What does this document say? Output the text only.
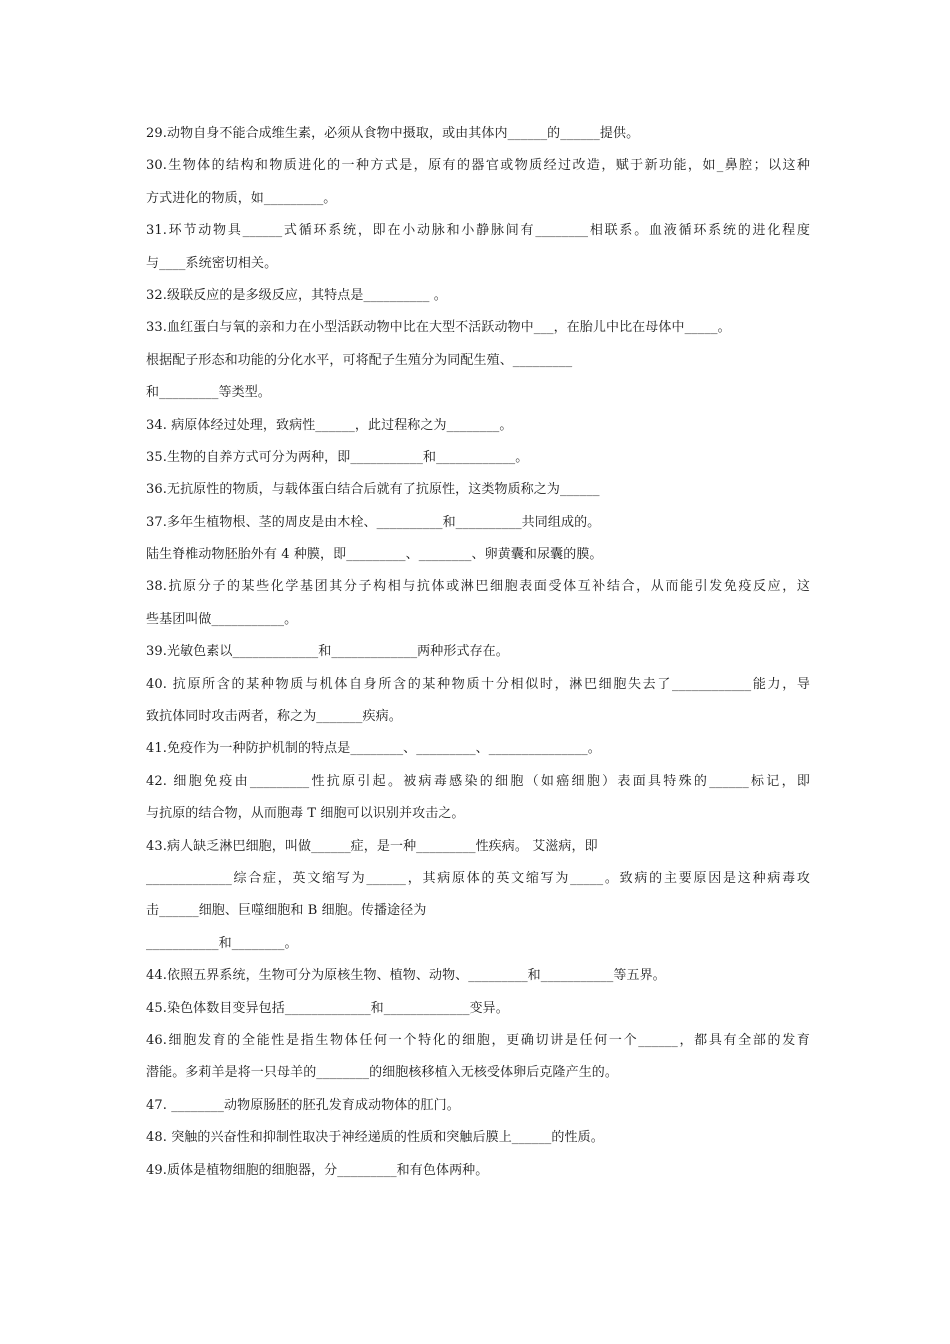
29.动物自身不能合成维生素，必须从食物中摄取，或由其体内______的______提供。
30.生物体的结构和物质进化的一种方式是，原有的器官或物质经过改造，赋于新功能，如_鼻腔；以这种
方式进化的物质，如_________。
31.环节动物具______式循环系统，即在小动脉和小静脉间有________相联系。血液循环系统的进化程度
与____系统密切相关。
32.级联反应的是多级反应，其特点是__________ 。
33.血红蛋白与氧的亲和力在小型活跃动物中比在大型不活跃动物中___，在胎儿中比在母体中_____。
根据配子形态和功能的分化水平，可将配子生殖分为同配生殖、_________
和_________等类型。
34. 病原体经过处理，致病性______，此过程称之为________。
35.生物的自养方式可分为两种，即___________和____________。
36.无抗原性的物质，与载体蛋白结合后就有了抗原性，这类物质称之为______
37.多年生植物根、茎的周皮是由木栓、__________和__________共同组成的。
陆生脊椎动物胚胎外有 4 种膜，即_________、________、卵黄囊和尿囊的膜。
38.抗原分子的某些化学基团其分子构相与抗体或淋巴细胞表面受体互补结合，从而能引发免疫反应，这
些基团叫做___________。
39.光敏色素以_____________和_____________两种形式存在。
40. 抗原所含的某种物质与机体自身所含的某种物质十分相似时，淋巴细胞失去了____________能力，导
致抗体同时攻击两者，称之为_______疾病。
41.免疫作为一种防护机制的特点是________、_________、_______________。
42. 细胞免疫由_________性抗原引起。被病毒感染的细胞（如癌细胞）表面具特殊的______标记，即
与抗原的结合物，从而胞毒 T 细胞可以识别并攻击之。
43.病人缺乏淋巴细胞，叫做______症，是一种_________性疾病。 艾滋病，即
_____________综合症，英文缩写为______，其病原体的英文缩写为_____。致病的主要原因是这种病毒攻
击______细胞、巨噬细胞和 B 细胞。传播途径为
___________和________。
44.依照五界系统，生物可分为原核生物、植物、动物、_________和___________等五界。
45.染色体数目变异包括_____________和_____________变异。
46.细胞发育的全能性是指生物体任何一个特化的细胞，更确切讲是任何一个______，都具有全部的发育
潜能。多莉羊是将一只母羊的________的细胞核移植入无核受体卵后克隆产生的。
47. ________动物原肠胚的胚孔发育成动物体的肛门。
48. 突触的兴奋性和抑制性取决于神经递质的性质和突触后膜上______的性质。
49.质体是植物细胞的细胞器，分_________和有色体两种。
